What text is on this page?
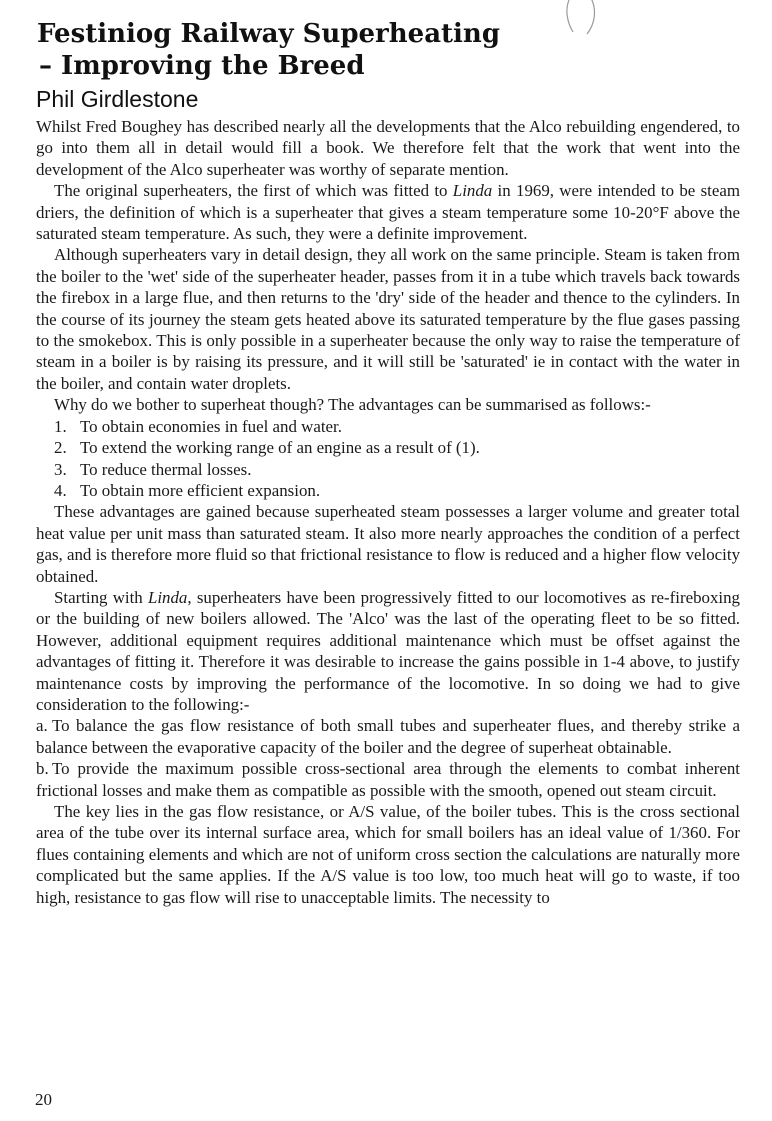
Festiniog Railway Superheating
– Improving the Breed
Phil Girdlestone

Whilst Fred Boughey has described nearly all the developments that the Alco rebuilding engendered, to go into them all in detail would fill a book. We therefore felt that the work that went into the development of the Alco superheater was worthy of separate mention.

The original superheaters, the first of which was fitted to Linda in 1969, were intended to be steam driers, the definition of which is a superheater that gives a steam temperature some 10-20°F above the saturated steam temperature. As such, they were a definite improvement.

Although superheaters vary in detail design, they all work on the same principle. Steam is taken from the boiler to the 'wet' side of the superheater header, passes from it in a tube which travels back towards the firebox in a large flue, and then returns to the 'dry' side of the header and thence to the cylinders. In the course of its journey the steam gets heated above its saturated temperature by the flue gases passing to the smokebox. This is only possible in a superheater because the only way to raise the temperature of steam in a boiler is by raising its pressure, and it will still be 'saturated' ie in contact with the water in the boiler, and contain water droplets.

Why do we bother to superheat though? The advantages can be summarised as follows:-

1. To obtain economies in fuel and water.
2. To extend the working range of an engine as a result of (1).
3. To reduce thermal losses.
4. To obtain more efficient expansion.

These advantages are gained because superheated steam possesses a larger volume and greater total heat value per unit mass than saturated steam. It also more nearly approaches the condition of a perfect gas, and is therefore more fluid so that frictional resistance to flow is reduced and a higher flow velocity obtained.

Starting with Linda, superheaters have been progressively fitted to our locomotives as re-fireboxing or the building of new boilers allowed. The 'Alco' was the last of the operating fleet to be so fitted. However, additional equipment requires additional maintenance which must be offset against the advantages of fitting it. Therefore it was desirable to increase the gains possible in 1-4 above, to justify maintenance costs by improving the performance of the locomotive. In so doing we had to give consideration to the following:-

a. To balance the gas flow resistance of both small tubes and superheater flues, and thereby strike a balance between the evaporative capacity of the boiler and the degree of superheat obtainable.

b. To provide the maximum possible cross-sectional area through the elements to combat inherent frictional losses and make them as compatible as possible with the smooth, opened out steam circuit.

The key lies in the gas flow resistance, or A/S value, of the boiler tubes. This is the cross sectional area of the tube over its internal surface area, which for small boilers has an ideal value of 1/360. For flues containing elements and which are not of uniform cross section the calculations are naturally more complicated but the same applies. If the A/S value is too low, too much heat will go to waste, if too high, resistance to gas flow will rise to unacceptable limits. The necessity to

20
